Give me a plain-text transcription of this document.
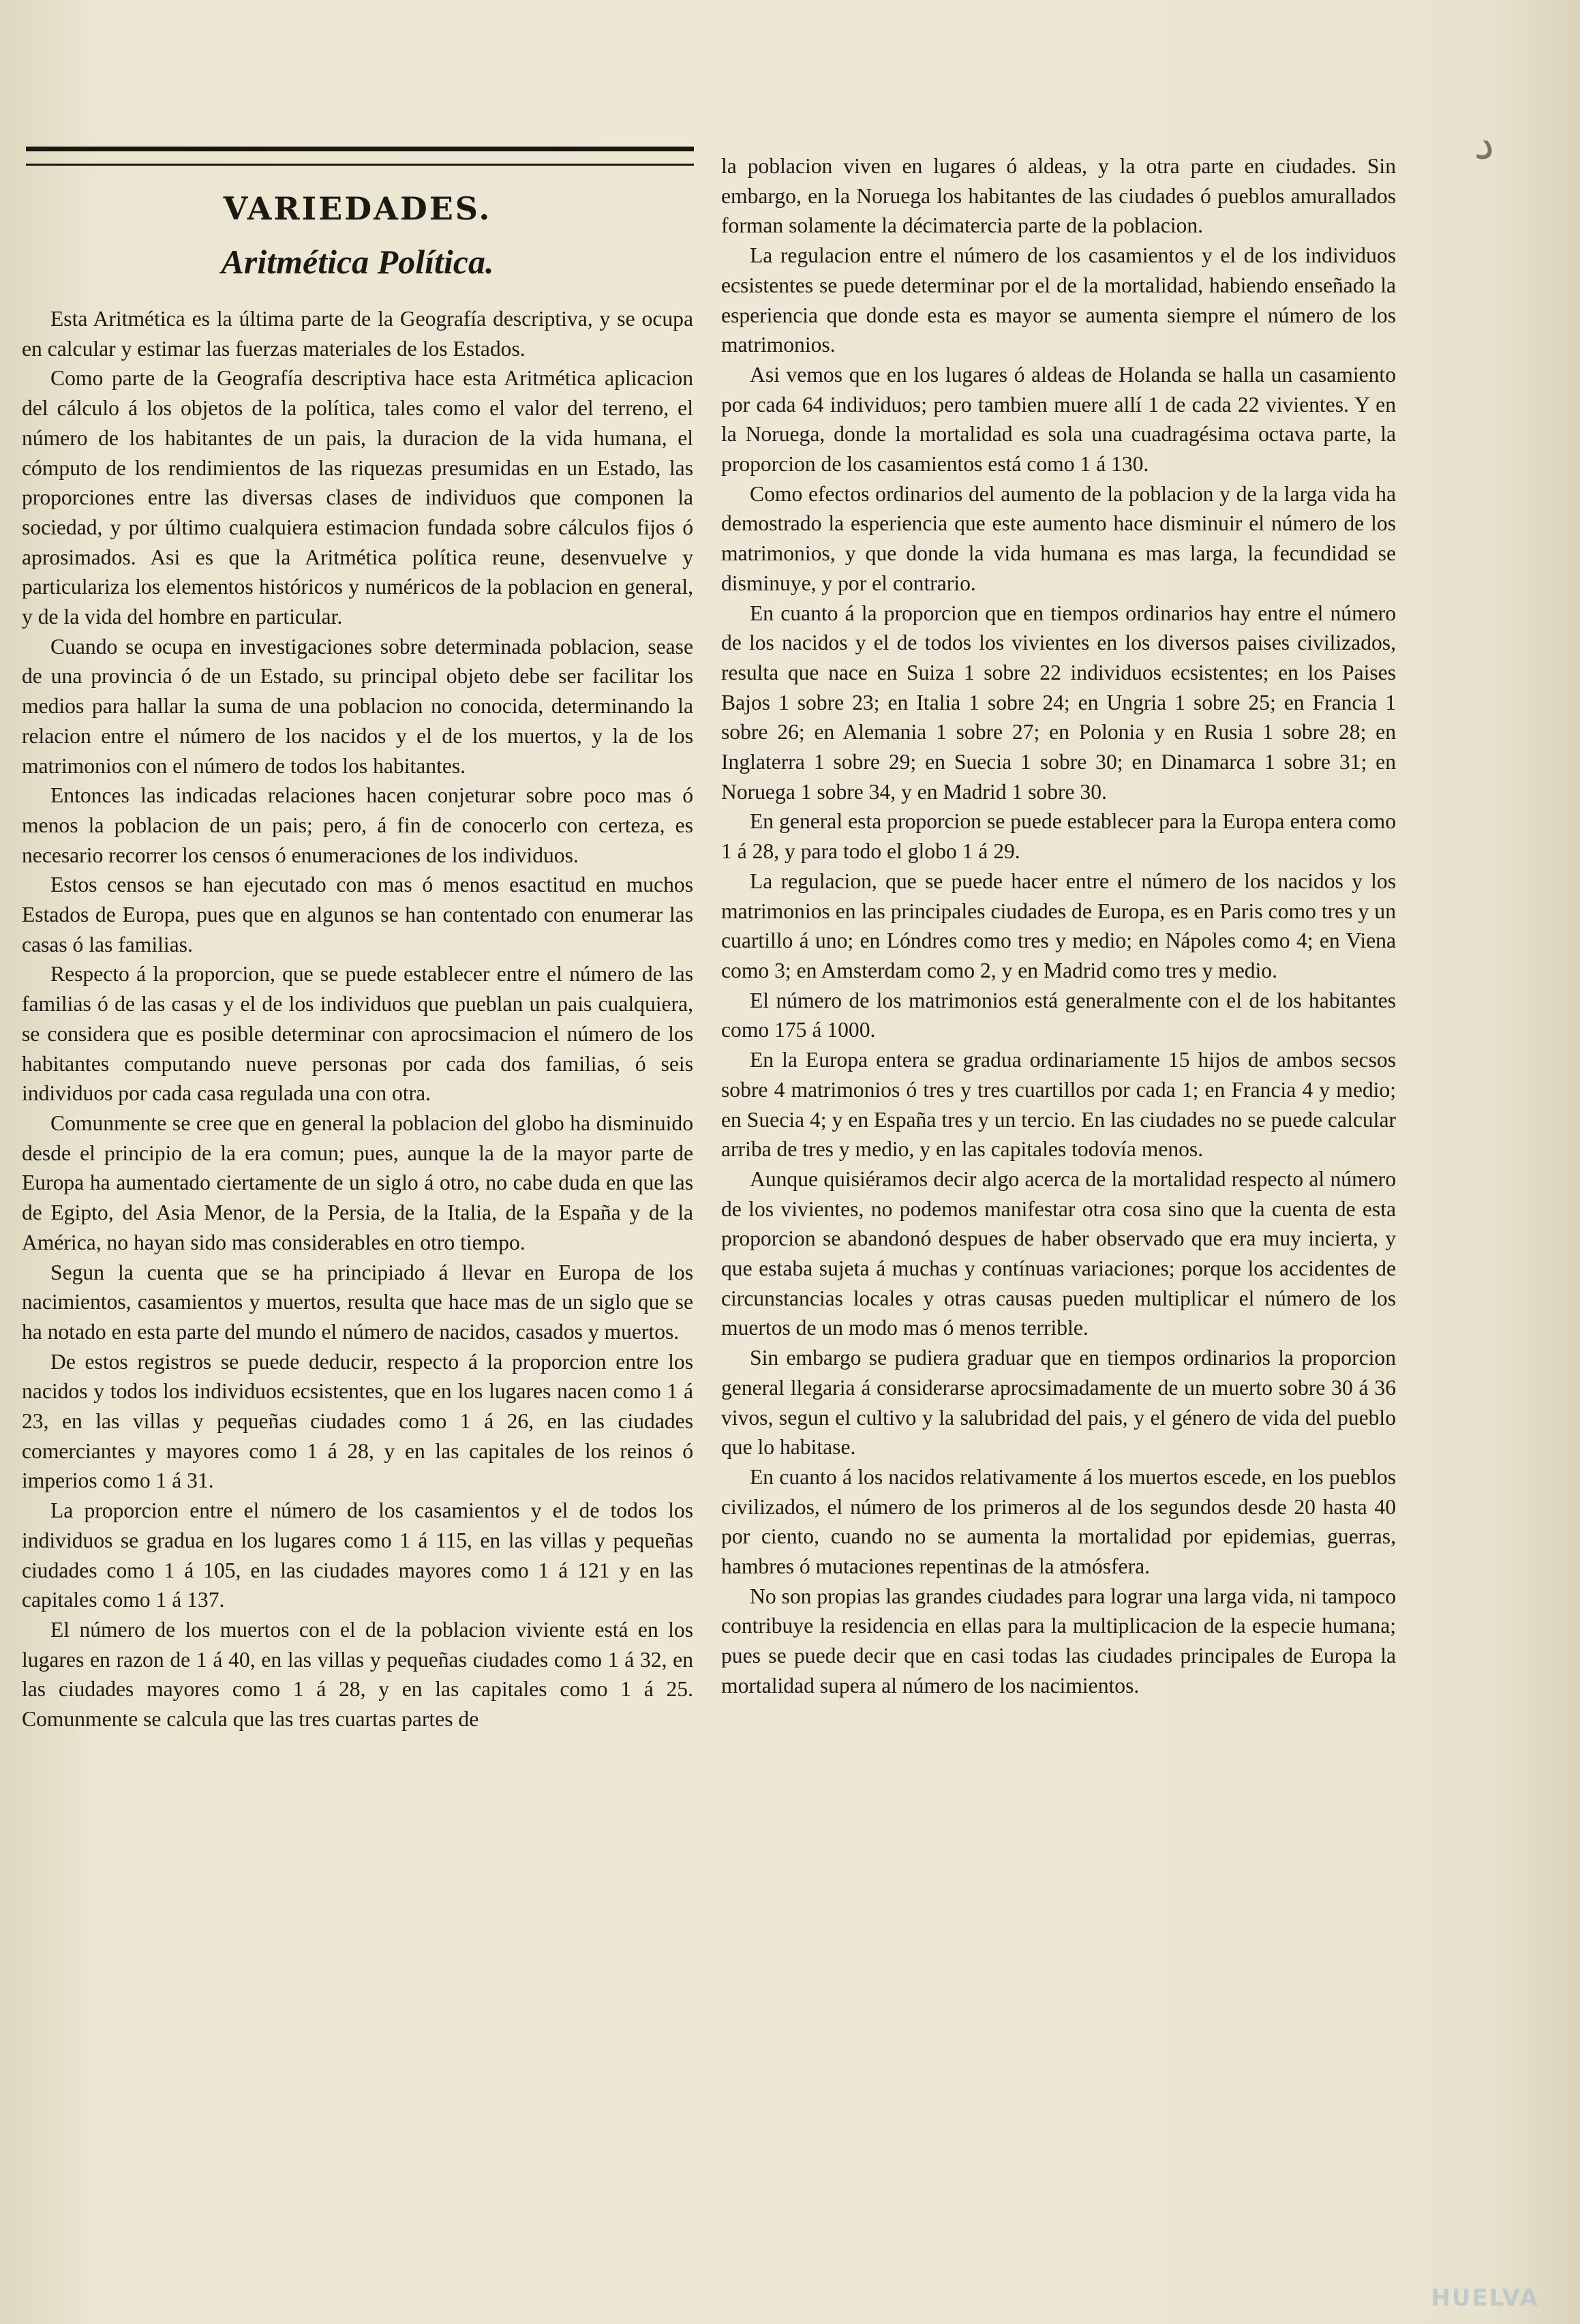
ﺩ
VARIEDADES.
Aritmética Política.

Esta Aritmética es la última parte de la Geografía descriptiva, y se ocupa en calcular y estimar las fuerzas materiales de los Estados.

Como parte de la Geografía descriptiva hace esta Aritmética aplicacion del cálculo á los objetos de la política, tales como el valor del terreno, el número de los habitantes de un pais, la duracion de la vida humana, el cómputo de los rendimientos de las riquezas presumidas en un Estado, las proporciones entre las diversas clases de individuos que componen la sociedad, y por último cualquiera estimacion fundada sobre cálculos fijos ó aprosimados. Asi es que la Aritmética política reune, desenvuelve y particulariza los elementos históricos y numéricos de la poblacion en general, y de la vida del hombre en particular.

Cuando se ocupa en investigaciones sobre determinada poblacion, sease de una provincia ó de un Estado, su principal objeto debe ser facilitar los medios para hallar la suma de una poblacion no conocida, determinando la relacion entre el número de los nacidos y el de los muertos, y la de los matrimonios con el número de todos los habitantes.

Entonces las indicadas relaciones hacen conjeturar sobre poco mas ó menos la poblacion de un pais; pero, á fin de conocerlo con certeza, es necesario recorrer los censos ó enumeraciones de los individuos.

Estos censos se han ejecutado con mas ó menos esactitud en muchos Estados de Europa, pues que en algunos se han contentado con enumerar las casas ó las familias.

Respecto á la proporcion, que se puede establecer entre el número de las familias ó de las casas y el de los individuos que pueblan un pais cualquiera, se considera que es posible determinar con aprocsimacion el número de los habitantes computando nueve personas por cada dos familias, ó seis individuos por cada casa regulada una con otra.

Comunmente se cree que en general la poblacion del globo ha disminuido desde el principio de la era comun; pues, aunque la de la mayor parte de Europa ha aumentado ciertamente de un siglo á otro, no cabe duda en que las de Egipto, del Asia Menor, de la Persia, de la Italia, de la España y de la América, no hayan sido mas considerables en otro tiempo.

Segun la cuenta que se ha principiado á llevar en Europa de los nacimientos, casamientos y muertos, resulta que hace mas de un siglo que se ha notado en esta parte del mundo el número de nacidos, casados y muertos.

De estos registros se puede deducir, respecto á la proporcion entre los nacidos y todos los individuos ecsistentes, que en los lugares nacen como 1 á 23, en las villas y pequeñas ciudades como 1 á 26, en las ciudades comerciantes y mayores como 1 á 28, y en las capitales de los reinos ó imperios como 1 á 31.

La proporcion entre el número de los casamientos y el de todos los individuos se gradua en los lugares como 1 á 115, en las villas y pequeñas ciudades como 1 á 105, en las ciudades mayores como 1 á 121 y en las capitales como 1 á 137.

El número de los muertos con el de la poblacion viviente está en los lugares en razon de 1 á 40, en las villas y pequeñas ciudades como 1 á 32, en las ciudades mayores como 1 á 28, y en las capitales como 1 á 25. Comunmente se calcula que las tres cuartas partes de

la poblacion viven en lugares ó aldeas, y la otra parte en ciudades. Sin embargo, en la Noruega los habitantes de las ciudades ó pueblos amurallados forman solamente la décimatercia parte de la poblacion.

La regulacion entre el número de los casamientos y el de los individuos ecsistentes se puede determinar por el de la mortalidad, habiendo enseñado la esperiencia que donde esta es mayor se aumenta siempre el número de los matrimonios.

Asi vemos que en los lugares ó aldeas de Holanda se halla un casamiento por cada 64 individuos; pero tambien muere allí 1 de cada 22 vivientes. Y en la Noruega, donde la mortalidad es sola una cuadragésima octava parte, la proporcion de los casamientos está como 1 á 130.

Como efectos ordinarios del aumento de la poblacion y de la larga vida ha demostrado la esperiencia que este aumento hace disminuir el número de los matrimonios, y que donde la vida humana es mas larga, la fecundidad se disminuye, y por el contrario.

En cuanto á la proporcion que en tiempos ordinarios hay entre el número de los nacidos y el de todos los vivientes en los diversos paises civilizados, resulta que nace en Suiza 1 sobre 22 individuos ecsistentes; en los Paises Bajos 1 sobre 23; en Italia 1 sobre 24; en Ungria 1 sobre 25; en Francia 1 sobre 26; en Alemania 1 sobre 27; en Polonia y en Rusia 1 sobre 28; en Inglaterra 1 sobre 29; en Suecia 1 sobre 30; en Dinamarca 1 sobre 31; en Noruega 1 sobre 34, y en Madrid 1 sobre 30.

En general esta proporcion se puede establecer para la Europa entera como 1 á 28, y para todo el globo 1 á 29.

La regulacion, que se puede hacer entre el número de los nacidos y los matrimonios en las principales ciudades de Europa, es en Paris como tres y un cuartillo á uno; en Lóndres como tres y medio; en Nápoles como 4; en Viena como 3; en Amsterdam como 2, y en Madrid como tres y medio.

El número de los matrimonios está generalmente con el de los habitantes como 175 á 1000.

En la Europa entera se gradua ordinariamente 15 hijos de ambos secsos sobre 4 matrimonios ó tres y tres cuartillos por cada 1; en Francia 4 y medio; en Suecia 4; y en España tres y un tercio. En las ciudades no se puede calcular arriba de tres y medio, y en las capitales todovía menos.

Aunque quisiéramos decir algo acerca de la mortalidad respecto al número de los vivientes, no podemos manifestar otra cosa sino que la cuenta de esta proporcion se abandonó despues de haber observado que era muy incierta, y que estaba sujeta á muchas y contínuas variaciones; porque los accidentes de circunstancias locales y otras causas pueden multiplicar el número de los muertos de un modo mas ó menos terrible.

Sin embargo se pudiera graduar que en tiempos ordinarios la proporcion general llegaria á considerarse aprocsimadamente de un muerto sobre 30 á 36 vivos, segun el cultivo y la salubridad del pais, y el género de vida del pueblo que lo habitase.

En cuanto á los nacidos relativamente á los muertos escede, en los pueblos civilizados, el número de los primeros al de los segundos desde 20 hasta 40 por ciento, cuando no se aumenta la mortalidad por epidemias, guerras, hambres ó mutaciones repentinas de la atmósfera.

No son propias las grandes ciudades para lograr una larga vida, ni tampoco contribuye la residencia en ellas para la multiplicacion de la especie humana; pues se puede decir que en casi todas las ciudades principales de Europa la mortalidad supera al número de los nacimientos.

HUELVA
